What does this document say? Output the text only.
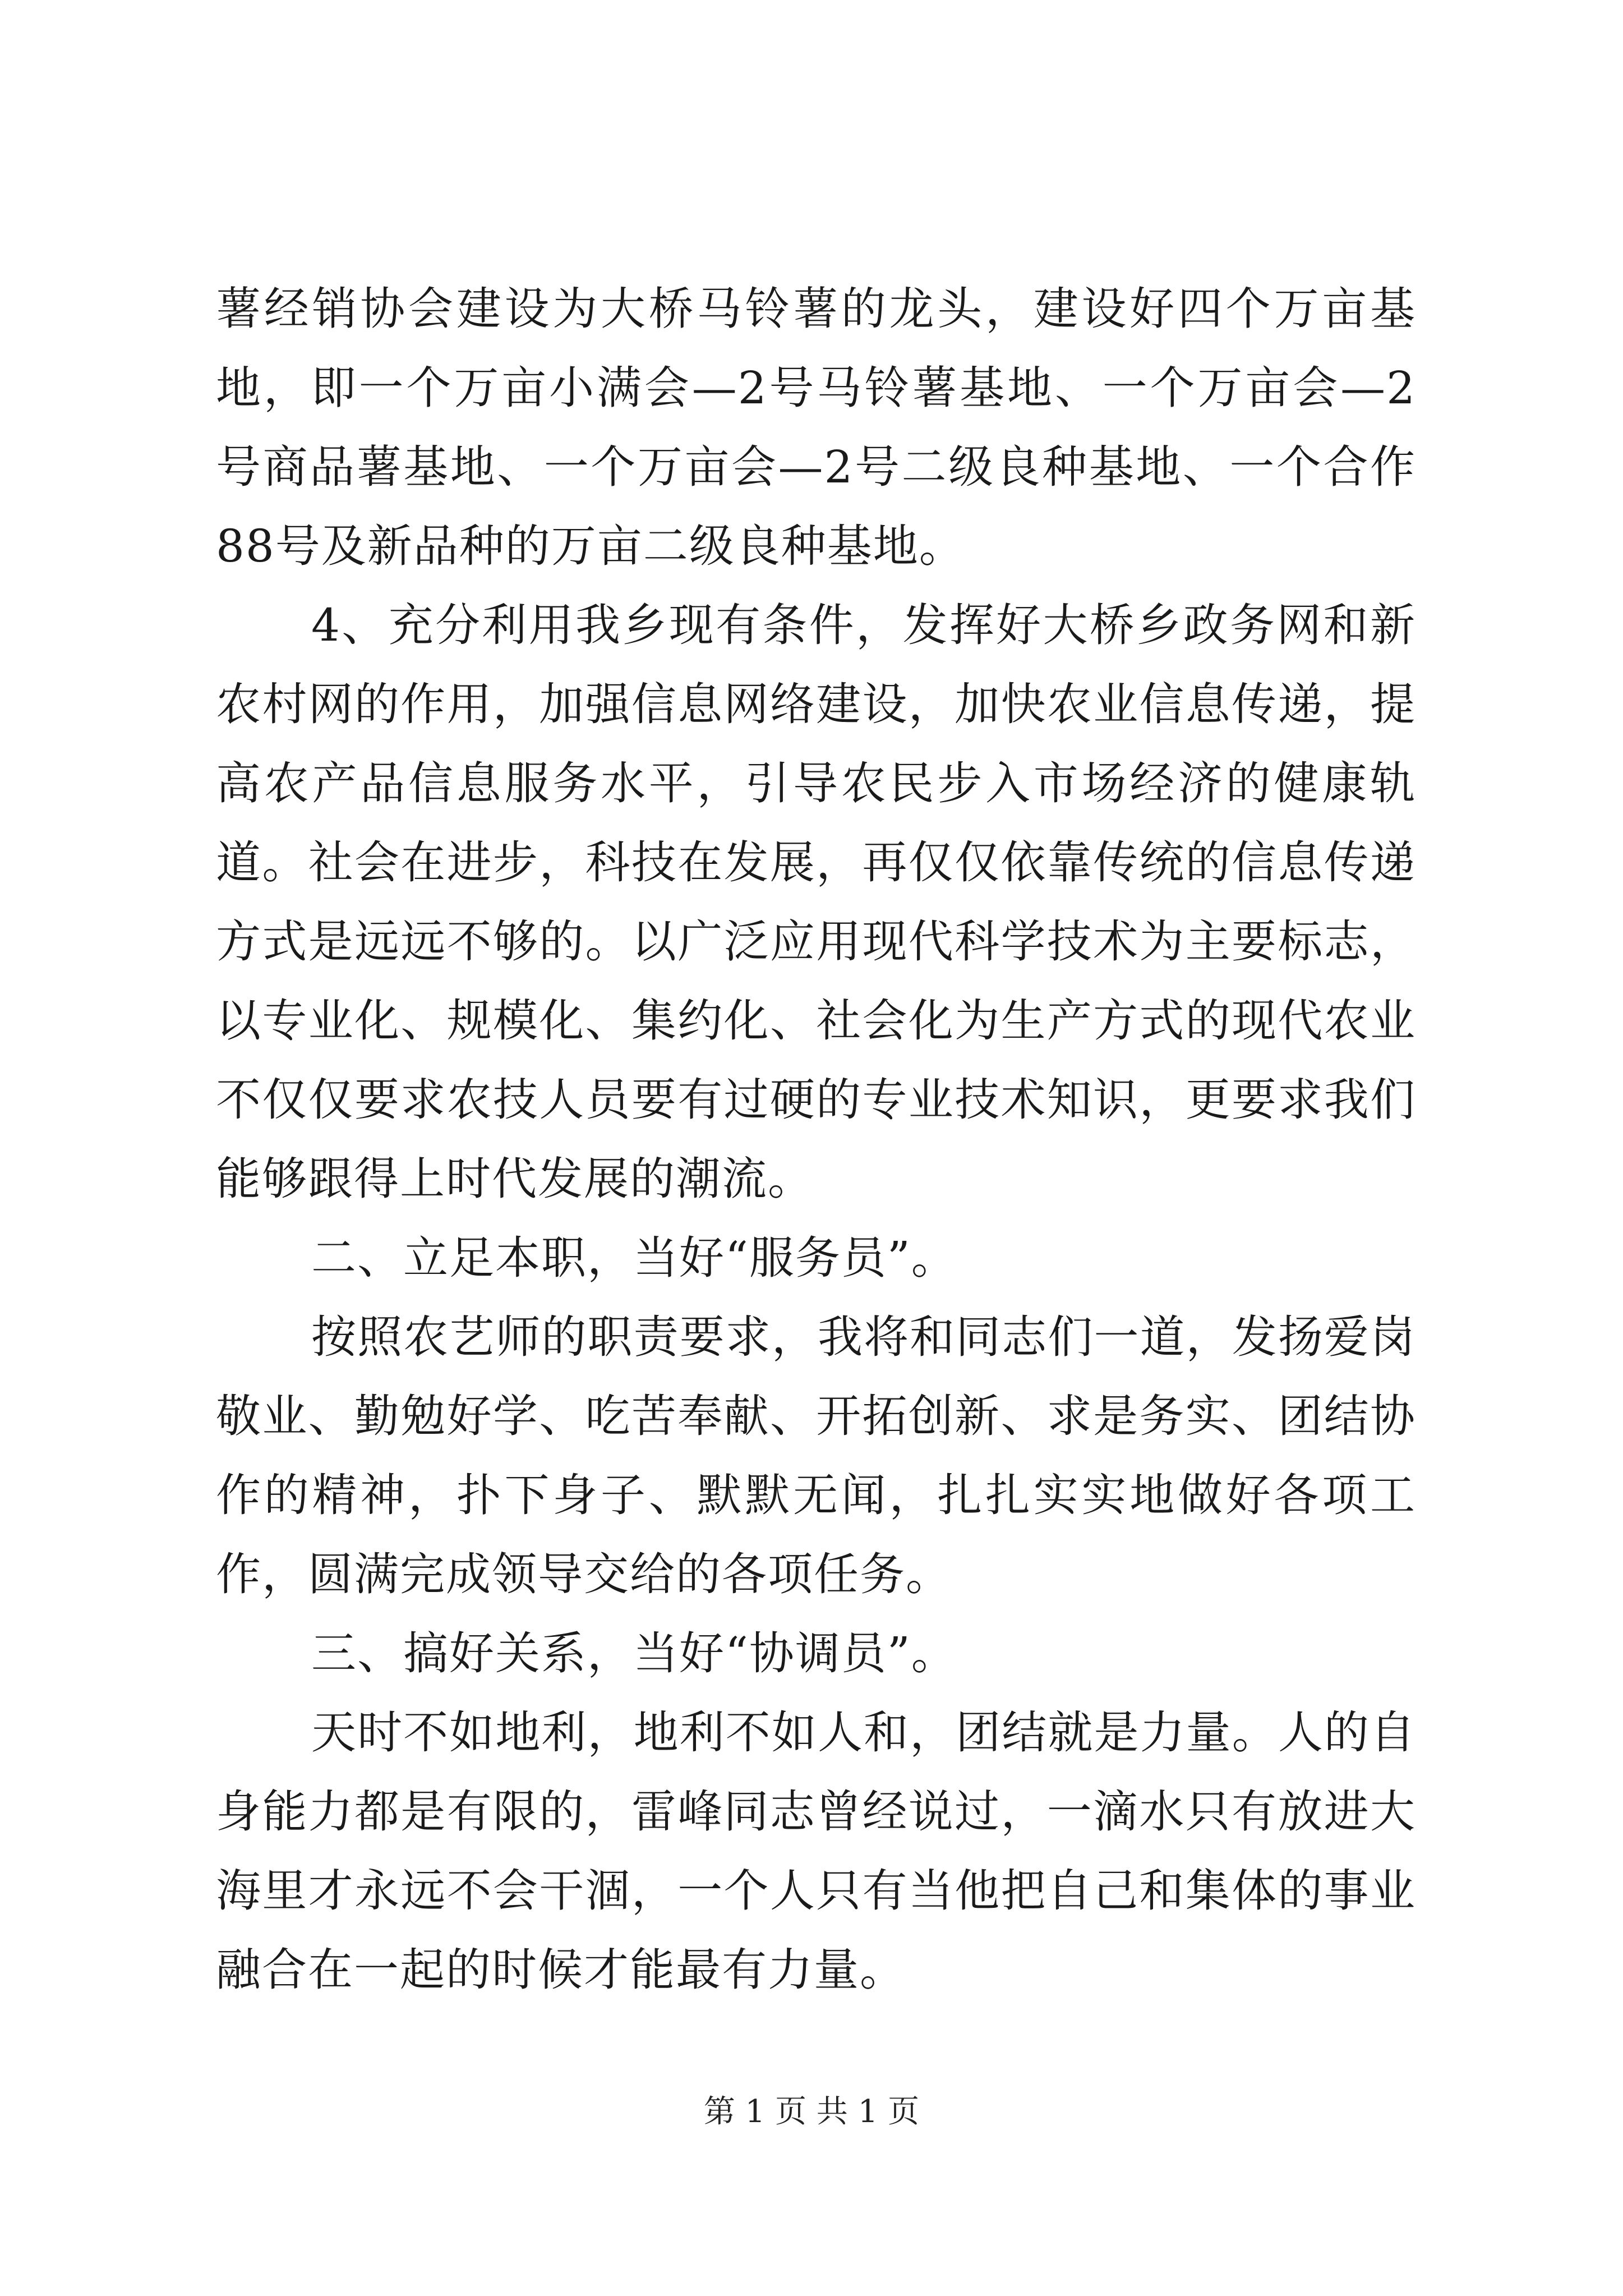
薯经销协会建设为大桥马铃薯的龙头，建设好四个万亩基地，即一个万亩小满会—2号马铃薯基地、一个万亩会—2号商品薯基地、一个万亩会—2号二级良种基地、一个合作88号及新品种的万亩二级良种基地。

4、充分利用我乡现有条件，发挥好大桥乡政务网和新农村网的作用，加强信息网络建设，加快农业信息传递，提高农产品信息服务水平，引导农民步入市场经济的健康轨道。社会在进步，科技在发展，再仅仅依靠传统的信息传递方式是远远不够的。以广泛应用现代科学技术为主要标志，以专业化、规模化、集约化、社会化为生产方式的现代农业不仅仅要求农技人员要有过硬的专业技术知识，更要求我们能够跟得上时代发展的潮流。

二、立足本职，当好“服务员”。

按照农艺师的职责要求，我将和同志们一道，发扬爱岗敬业、勤勉好学、吃苦奉献、开拓创新、求是务实、团结协作的精神，扑下身子、默默无闻，扎扎实实地做好各项工作，圆满完成领导交给的各项任务。

三、搞好关系，当好“协调员”。

天时不如地利，地利不如人和，团结就是力量。人的自身能力都是有限的，雷峰同志曾经说过，一滴水只有放进大海里才永远不会干涸，一个人只有当他把自己和集体的事业融合在一起的时候才能最有力量。

第 1 页 共 1 页
